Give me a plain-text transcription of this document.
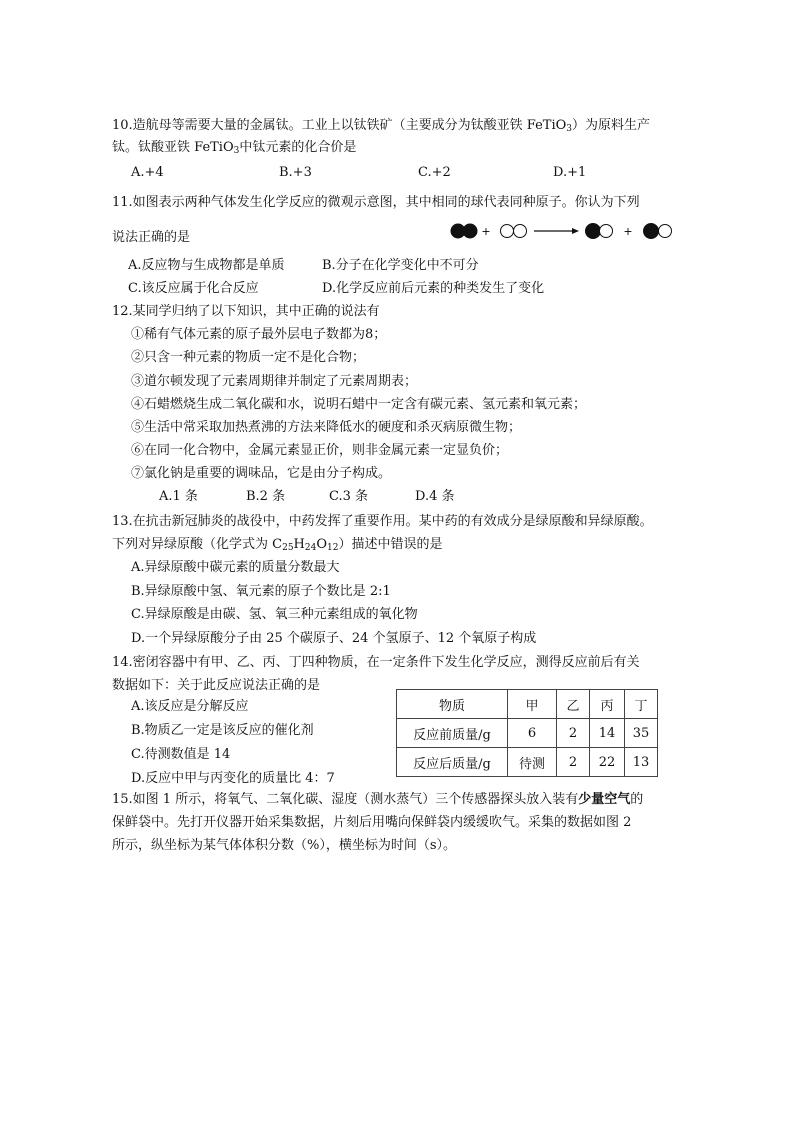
10.造航母等需要大量的金属钛。工业上以钛铁矿（主要成分为钛酸亚铁 FeTiO$_3$）为原料生产
钛。钛酸亚铁 FeTiO$_3$中钛元素的化合价是
A.+4	B.+3	C.+2	D.+1
11.如图表示两种气体发生化学反应的微观示意图，其中相同的球代表同种原子。你认为下列
说法正确的是	+	+
A.反应物与生成物都是单质	B.分子在化学变化中不可分
C.该反应属于化合反应	D.化学反应前后元素的种类发生了变化
12.某同学归纳了以下知识，其中正确的说法有
①稀有气体元素的原子最外层电子数都为8；
②只含一种元素的物质一定不是化合物；
③道尔顿发现了元素周期律并制定了元素周期表；
④石蜡燃烧生成二氧化碳和水，说明石蜡中一定含有碳元素、氢元素和氧元素；
⑤生活中常采取加热煮沸的方法来降低水的硬度和杀灭病原微生物；
⑥在同一化合物中，金属元素显正价，则非金属元素一定显负价；
⑦氯化钠是重要的调味品，它是由分子构成。
A.1 条	B.2 条	C.3 条	D.4 条
13.在抗击新冠肺炎的战役中，中药发挥了重要作用。某中药的有效成分是绿原酸和异绿原酸。
下列对异绿原酸（化学式为 $C_{25}H_{24}O_{12}$）描述中错误的是
A.异绿原酸中碳元素的质量分数最大
B.异绿原酸中氢、氧元素的原子个数比是 2:1
C.异绿原酸是由碳、氢、氧三种元素组成的氧化物
D.一个异绿原酸分子由 25 个碳原子、24 个氢原子、12 个氧原子构成
14.密闭容器中有甲、乙、丙、丁四种物质，在一定条件下发生化学反应，测得反应前后有关
数据如下：关于此反应说法正确的是
A.该反应是分解反应
B.物质乙一定是该反应的催化剂
C.待测数值是 14
D.反应中甲与丙变化的质量比 4：7
物质	甲	乙	丙	丁
反应前质量/g	6	2	14	35
反应后质量/g	待测	2	22	13
15.如图 1 所示，将氧气、二氧化碳、湿度（测水蒸气）三个传感器探头放入装有少量空气的
保鲜袋中。先打开仪器开始采集数据，片刻后用嘴向保鲜袋内缓缓吹气。采集的数据如图 2
所示，纵坐标为某气体体积分数（%），横坐标为时间（s）。
